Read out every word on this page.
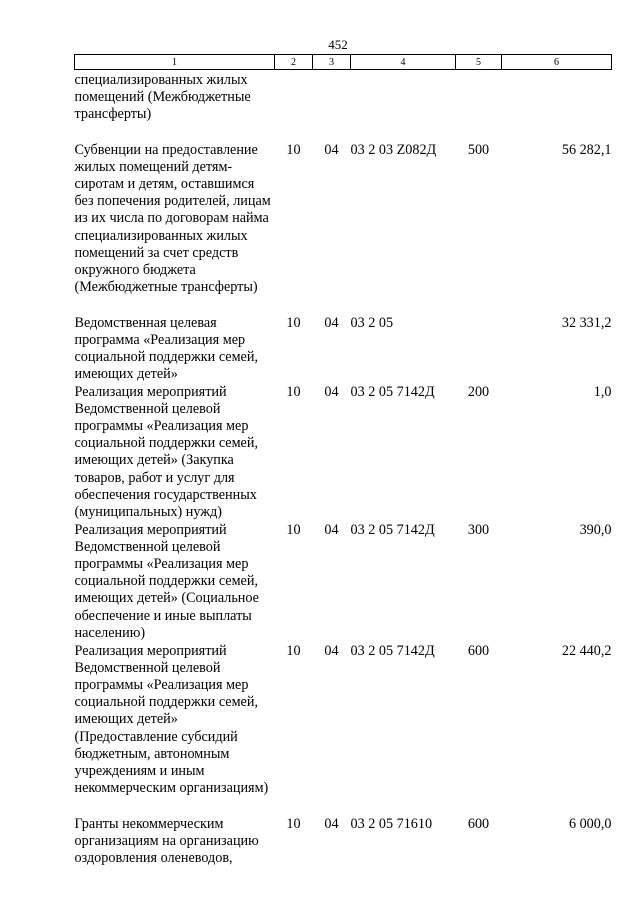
452
1	2	3	4	5	6
специализированных жилых помещений (Межбюджетные трансферты)					
Субвенции на предоставление жилых помещений детям-сиротам и детям, оставшимся без попечения родителей, лицам из их числа по договорам найма специализированных жилых помещений за счет средств окружного бюджета (Межбюджетные трансферты)	10	04	03 2 03 Z082Д	500	56 282,1
Ведомственная целевая программа «Реализация мер социальной поддержки семей, имеющих детей»	10	04	03 2 05		32 331,2
Реализация мероприятий Ведомственной целевой программы «Реализация мер социальной поддержки семей, имеющих детей» (Закупка товаров, работ и услуг для обеспечения государственных (муниципальных) нужд)	10	04	03 2 05 7142Д	200	1,0
Реализация мероприятий Ведомственной целевой программы «Реализация мер социальной поддержки семей, имеющих детей» (Социальное обеспечение и иные выплаты населению)	10	04	03 2 05 7142Д	300	390,0
Реализация мероприятий Ведомственной целевой программы «Реализация мер социальной поддержки семей, имеющих детей» (Предоставление субсидий бюджетным, автономным учреждениям и иным некоммерческим организациям)	10	04	03 2 05 7142Д	600	22 440,2
Гранты некоммерческим организациям на организацию оздоровления оленеводов,	10	04	03 2 05 71610	600	6 000,0
